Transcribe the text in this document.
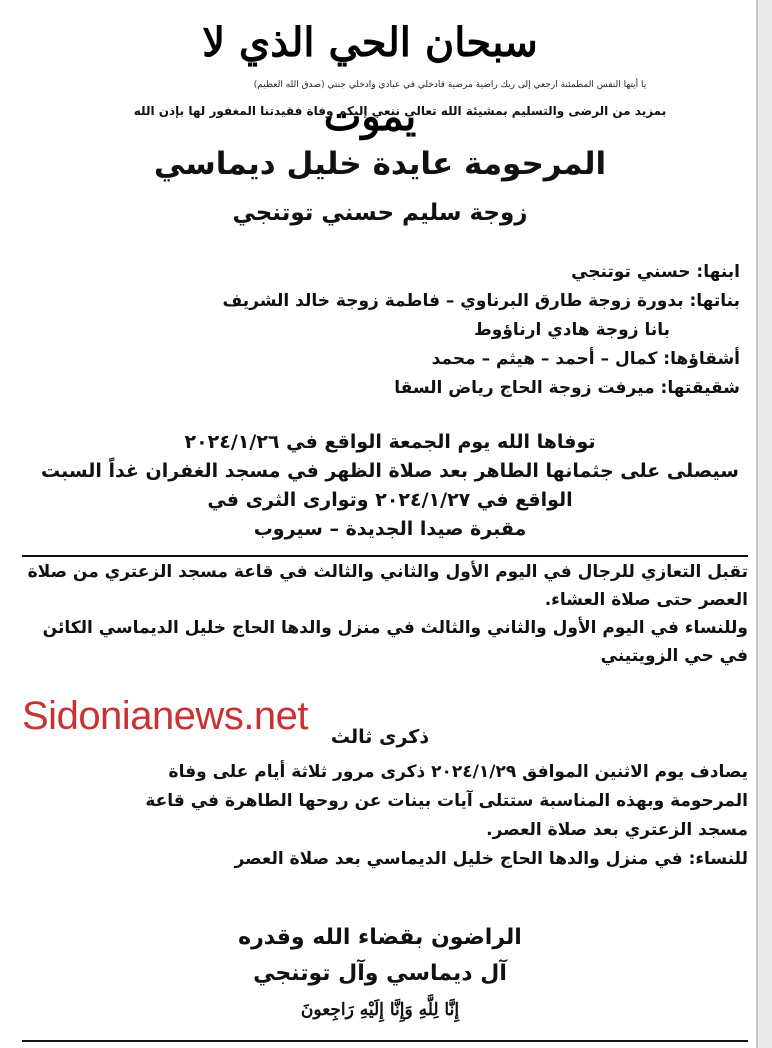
سبحان الحي الذي لا يموت
يا أيتها النفس المطمئنة ارجعي إلى ربك راضية مرضية فادخلي في عبادي وادخلي جنتي (صدق الله العظيم)
بمزيد من الرضى والتسليم بمشيئة الله تعالى ننعي إليكم وفاة فقيدتنا المغفور لها بإذن الله
المرحومة عايدة خليل ديماسي
زوجة سليم حسني توتنجي
ابنها: حسني توتنجي
بناتها: بدورة زوجة طارق البرناوي – فاطمة زوجة خالد الشريف
بانا زوجة هادي ارناؤوط
أشقاؤها: كمال – أحمد – هيثم – محمد
شقيقتها: ميرفت زوجة الحاج رياض السقا
توفاها الله يوم الجمعة الواقع في ٢٠٢٤/١/٢٦
سيصلى على جثمانها الطاهر بعد صلاة الظهر في مسجد الغفران غداً السبت
الواقع في ٢٠٢٤/١/٢٧ وتوارى الثرى في
مقبرة صيدا الجديدة – سيروب
تقبل التعازي للرجال في اليوم الأول والثاني والثالث في قاعة مسجد الزعتري من صلاة
العصر حتى صلاة العشاء.
وللنساء في اليوم الأول والثاني والثالث في منزل والدها الحاج خليل الديماسي الكائن
في حي الزويتيني
Sidonianews.net	ذكرى ثالث
يصادف يوم الاثنين الموافق ٢٠٢٤/١/٢٩ ذكرى مرور ثلاثة أيام على وفاة
المرحومة وبهذه المناسبة ستتلى آيات بينات عن روحها الطاهرة في قاعة
مسجد الزعتري بعد صلاة العصر.
للنساء: في منزل والدها الحاج خليل الديماسي بعد صلاة العصر
الراضون بقضاء الله وقدره
آل ديماسي وآل توتنجي
إِنَّا لِلَّهِ وَإِنَّا إِلَيْهِ رَاجِعونَ
